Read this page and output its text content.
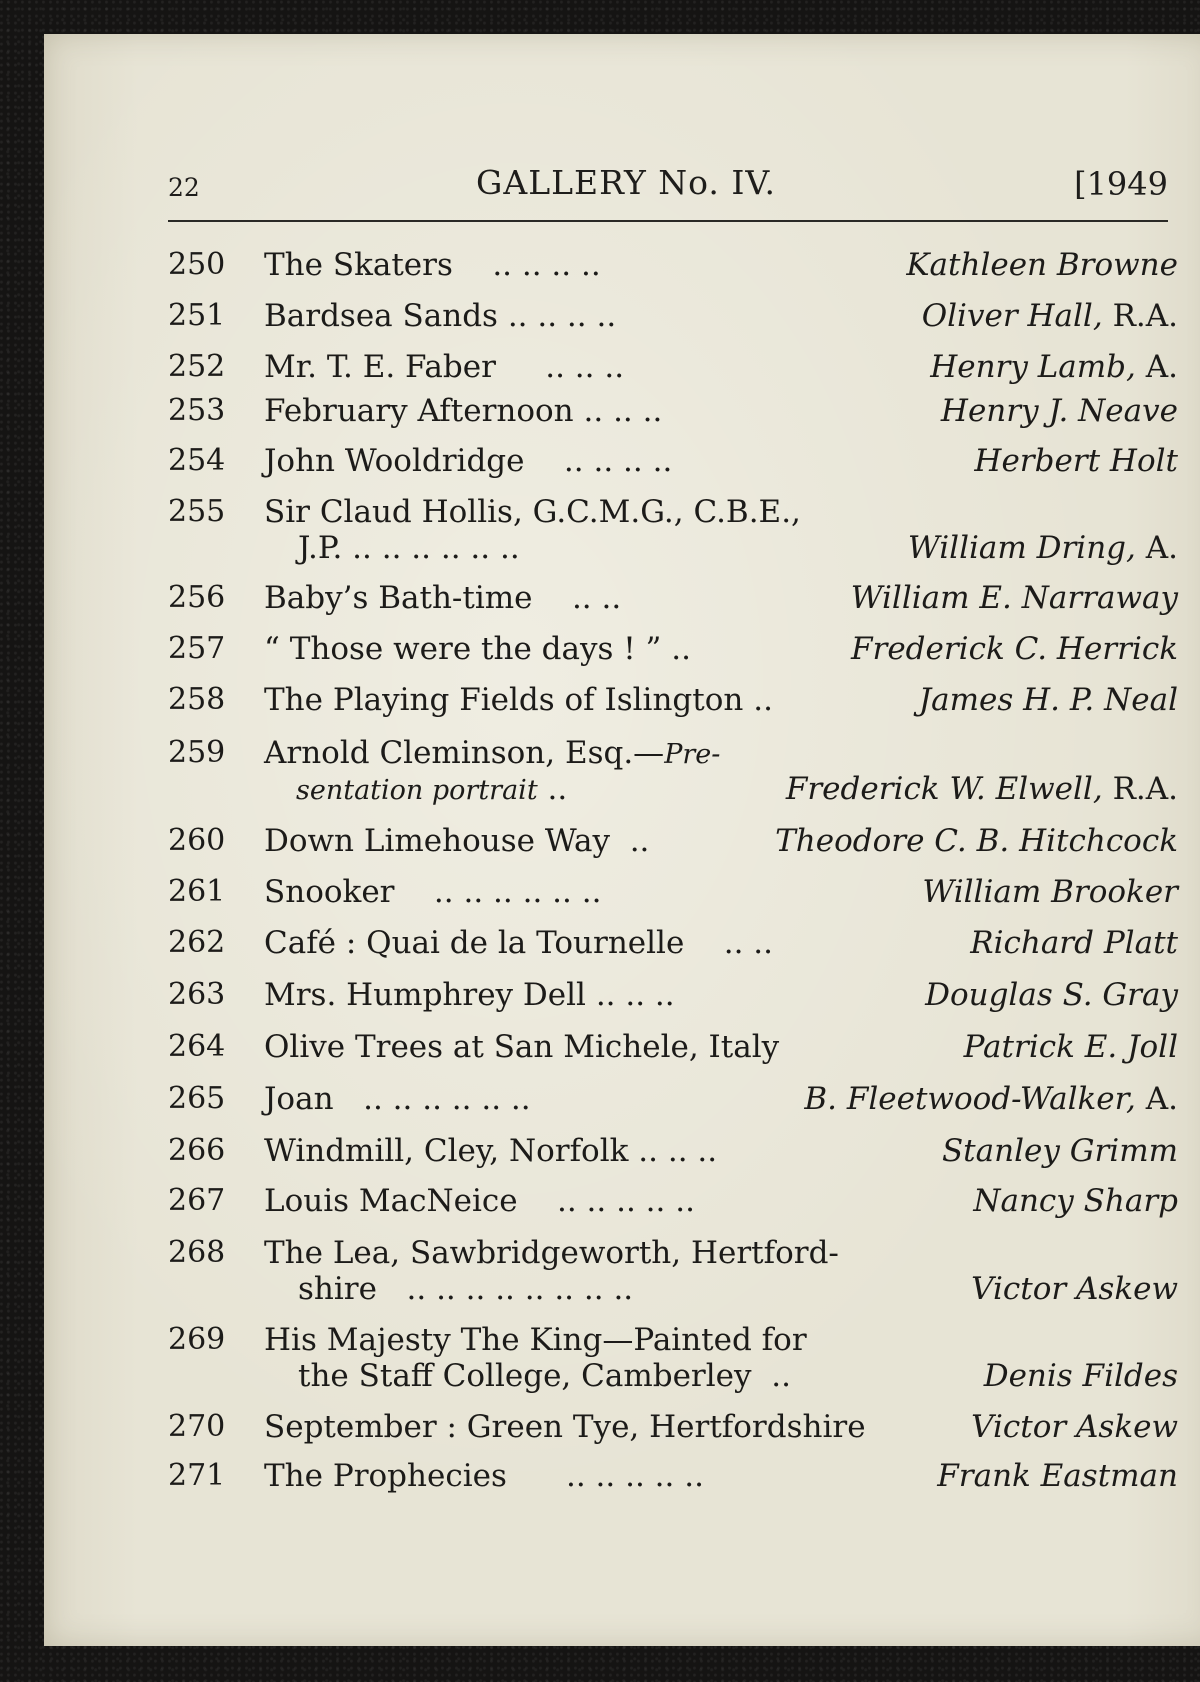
22	GALLERY No. IV.	[1949
250	The Skaters .. .. .. ..	Kathleen Browne
251	Bardsea Sands .. .. .. ..	Oliver Hall, R.A.
252	Mr. T. E. Faber .. .. ..	Henry Lamb, A.
253	February Afternoon .. .. ..	Henry J. Neave
254	John Wooldridge .. .. .. ..	Herbert Holt
255	Sir Claud Hollis, G.C.M.G., C.B.E.,
J.P. .. .. .. .. .. ..	William Dring, A.
256	Baby’s Bath-time .. ..	William E. Narraway
257	“ Those were the days ! ” ..	Frederick C. Herrick
258	The Playing Fields of Islington ..	James H. P. Neal
259	Arnold Cleminson, Esq.—Pre-
sentation portrait ..	Frederick W. Elwell, R.A.
260	Down Limehouse Way ..	Theodore C. B. Hitchcock
261	Snooker .. .. .. .. .. ..	William Brooker
262	Café : Quai de la Tournelle .. ..	Richard Platt
263	Mrs. Humphrey Dell .. .. ..	Douglas S. Gray
264	Olive Trees at San Michele, Italy	Patrick E. Joll
265	Joan .. .. .. .. .. ..	B. Fleetwood-Walker, A.
266	Windmill, Cley, Norfolk .. .. ..	Stanley Grimm
267	Louis MacNeice .. .. .. .. ..	Nancy Sharp
268	The Lea, Sawbridgeworth, Hertford-
shire .. .. .. .. .. .. .. ..	Victor Askew
269	His Majesty The King—Painted for
the Staff College, Camberley ..	Denis Fildes
270	September : Green Tye, Hertfordshire	Victor Askew
271	The Prophecies .. .. .. .. ..	Frank Eastman
